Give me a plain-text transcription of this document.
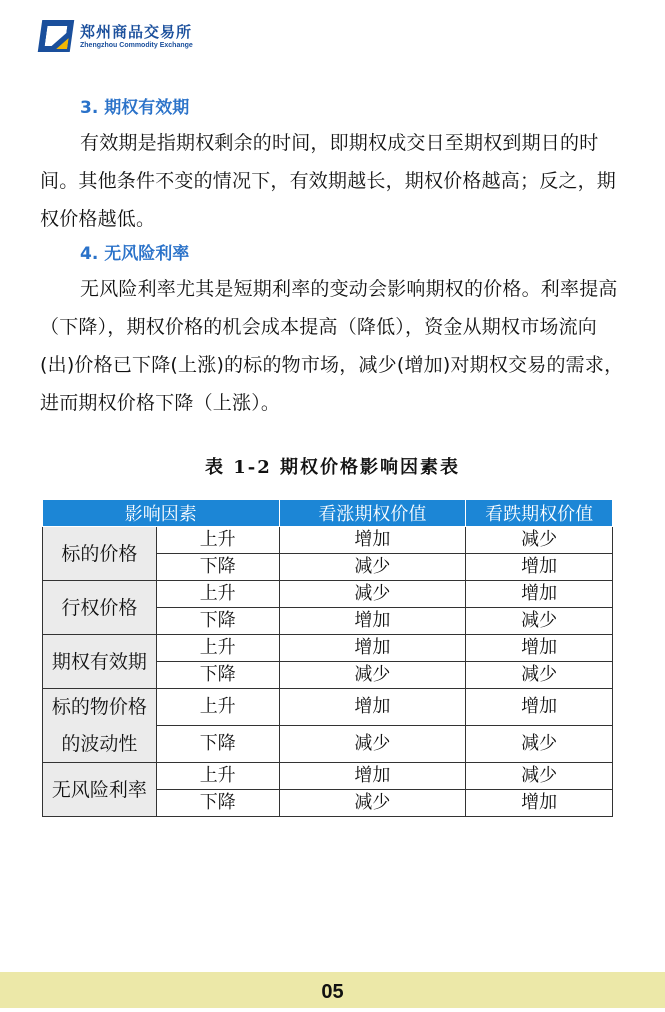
郑州商品交易所
Zhengzhou Commodity Exchange
3. 期权有效期

有效期是指期权剩余的时间，即期权成交日至期权到期日的时间。其他条件不变的情况下，有效期越长，期权价格越高；反之，期权价格越低。

4. 无风险利率

无风险利率尤其是短期利率的变动会影响期权的价格。利率提高（下降），期权价格的机会成本提高（降低），资金从期权市场流向(出)价格已下降(上涨)的标的物市场，减少(增加)对期权交易的需求，进而期权价格下降（上涨）。

表 1-2 期权价格影响因素表
影响因素		看涨期权价值	看跌期权价值
标的价格	上升	增加	减少
	下降	减少	增加
行权价格	上升	减少	增加
	下降	增加	减少
期权有效期	上升	增加	增加
	下降	减少	减少
标的物价格	上升	增加	增加
的波动性	下降	减少	减少
无风险利率	上升	增加	减少
	下降	减少	增加
05
